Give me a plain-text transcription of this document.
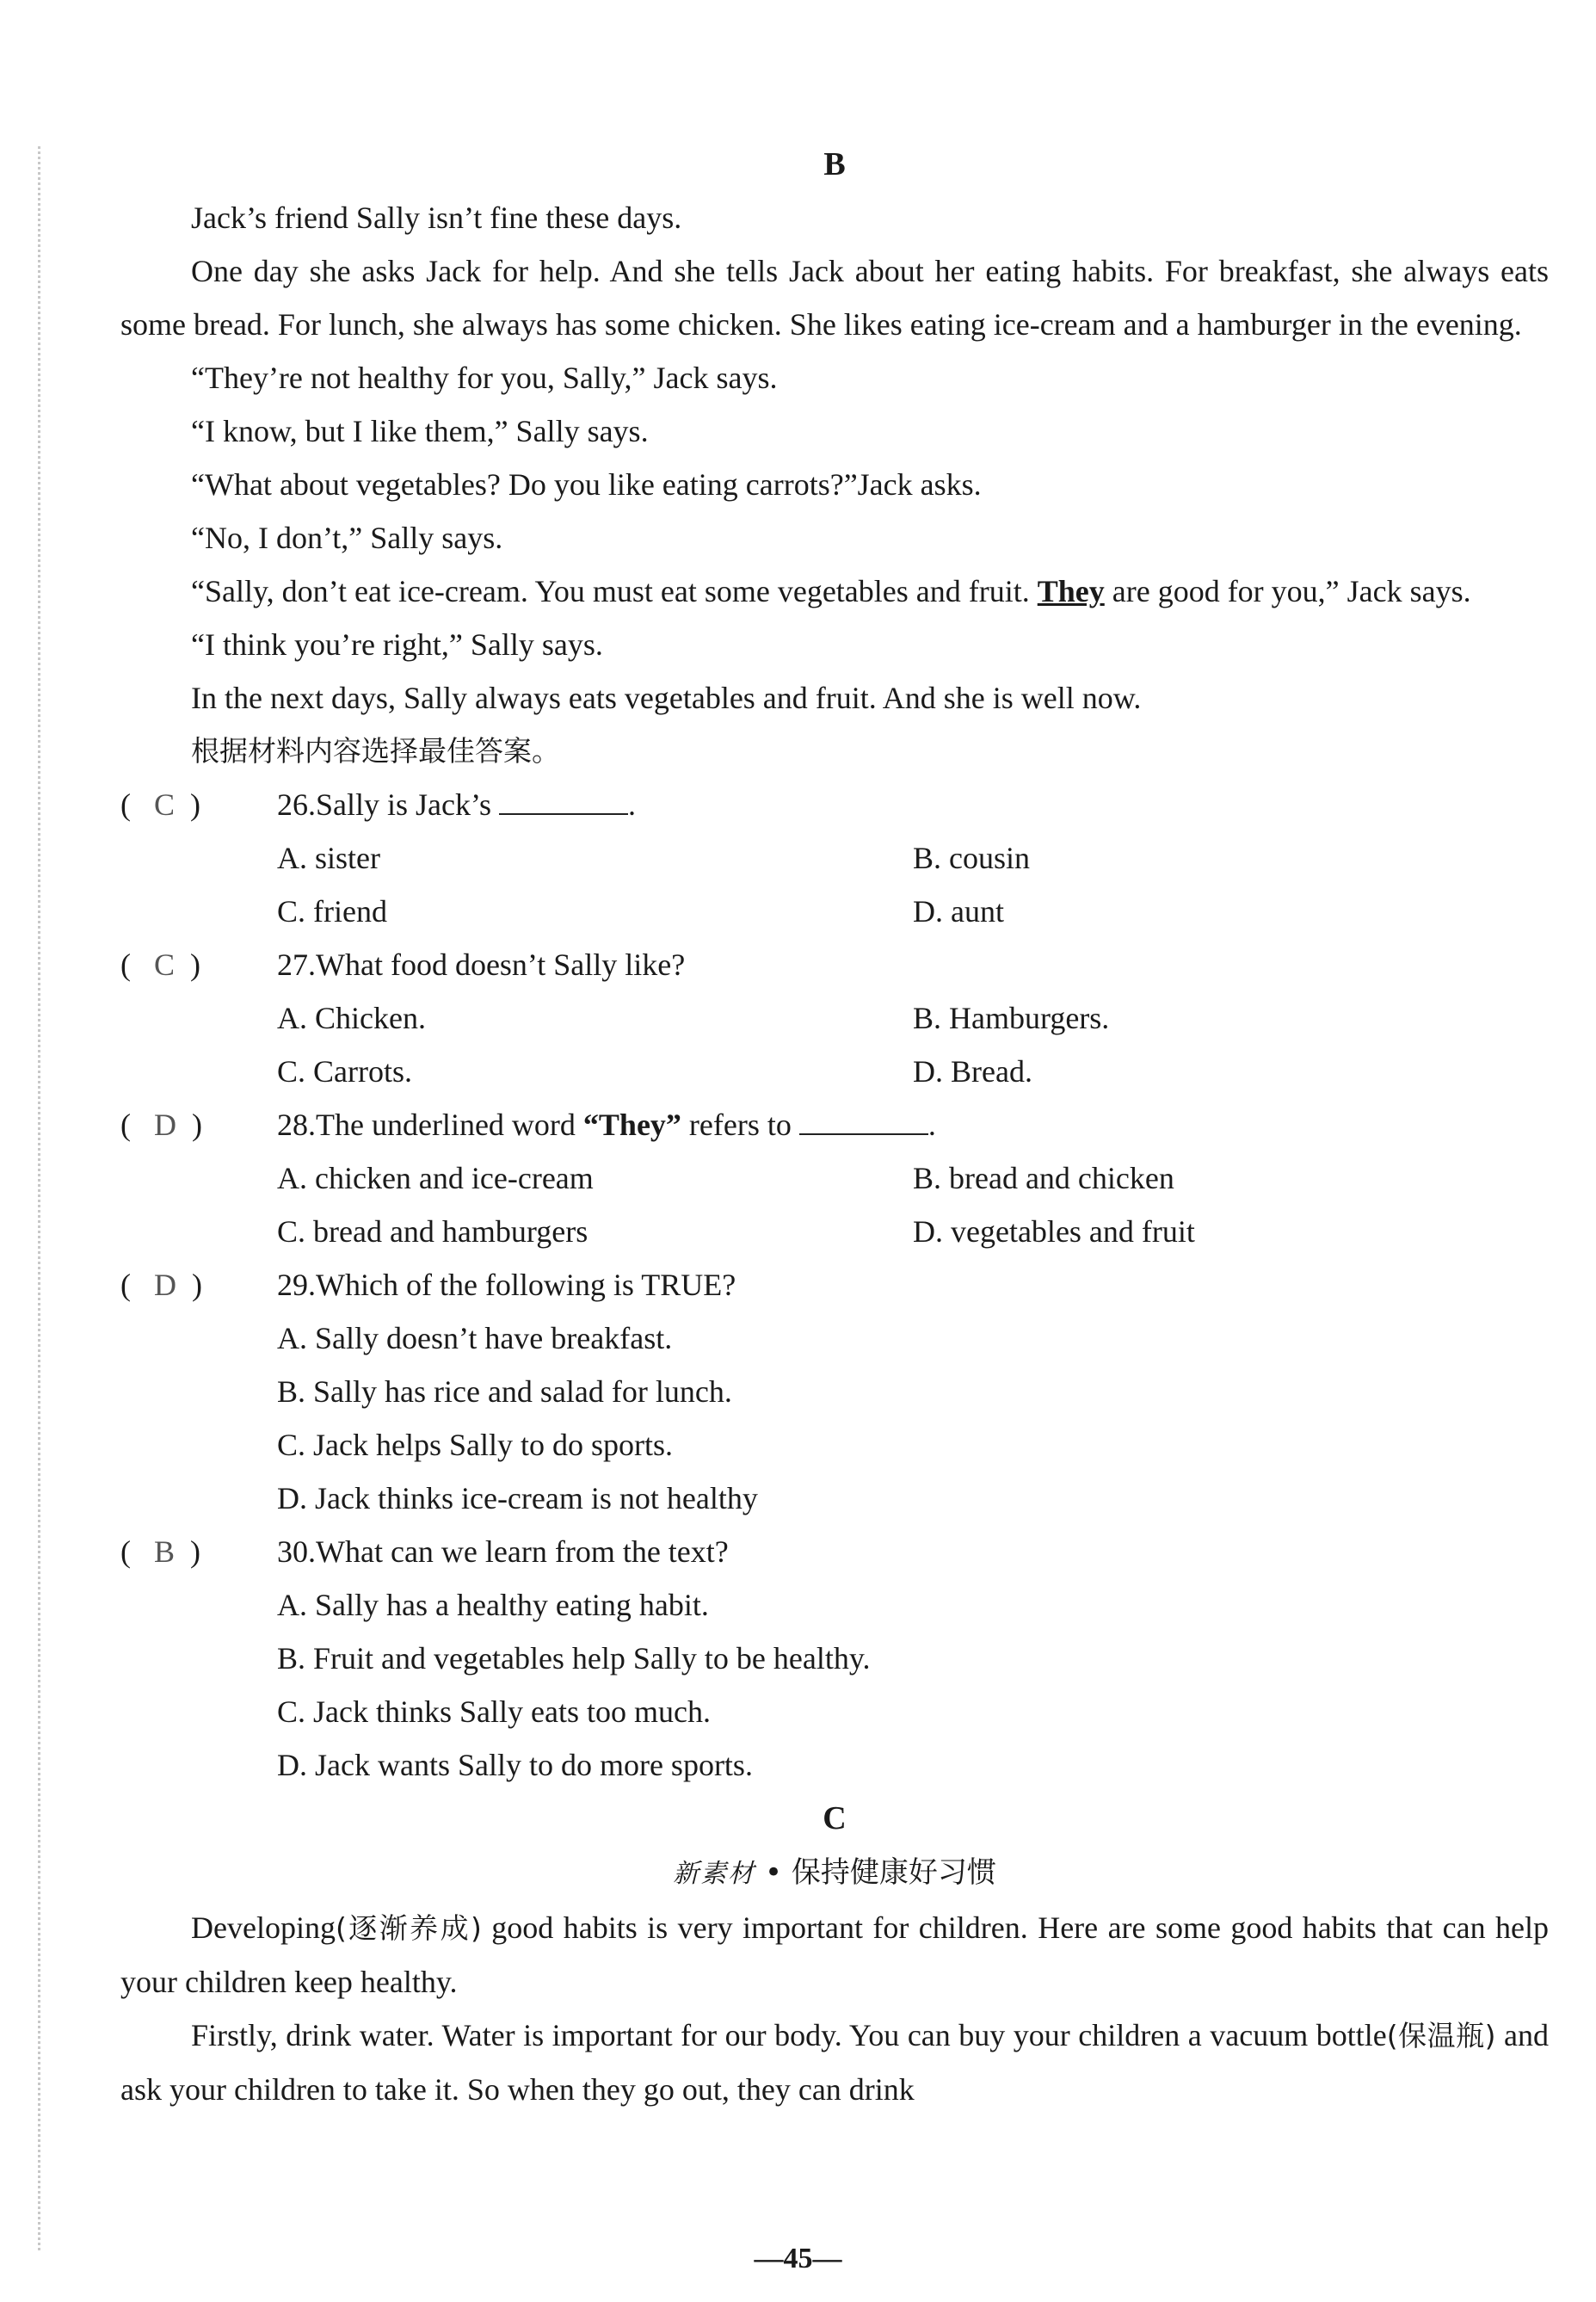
B

Jack’s friend Sally isn’t fine these days.

One day she asks Jack for help. And she tells Jack about her eating habits. For breakfast, she always eats some bread. For lunch, she always has some chicken. She likes eating ice-cream and a hamburger in the evening.

“They’re not healthy for you, Sally,” Jack says.

“I know, but I like them,” Sally says.

“What about vegetables? Do you like eating carrots?”Jack asks.

“No, I don’t,” Sally says.

“Sally, don’t eat ice-cream. You must eat some vegetables and fruit. They are good for you,” Jack says.

“I think you’re right,” Sally says.

In the next days, Sally always eats vegetables and fruit. And she is well now.

根据材料内容选择最佳答案。

(   C  )	26.Sally is Jack’s	.
A. sister	B. cousin
C. friend	D. aunt
(   C  )	27.What food doesn’t Sally like?
A. Chicken.	B. Hamburgers.
C. Carrots.	D. Bread.
(   D  )	28.The underlined word “They” refers to	.
A. chicken and ice-cream	B. bread and chicken
C. bread and hamburgers	D. vegetables and fruit
(   D  )	29.Which of the following is TRUE?
A. Sally doesn’t have breakfast.
B. Sally has rice and salad for lunch.
C. Jack helps Sally to do sports.
D. Jack thinks ice-cream is not healthy
(   B  )	30.What can we learn from the text?
A. Sally has a healthy eating habit.
B. Fruit and vegetables help Sally to be healthy.
C. Jack thinks Sally eats too much.
D. Jack wants Sally to do more sports.
C
新素材 • 保持健康好习惯

Developing(逐渐养成) good habits is very important for children. Here are some good habits that can help your children keep healthy.

Firstly, drink water. Water is important for our body. You can buy your children a vacuum bottle(保温瓶) and ask your children to take it. So when they go out, they can drink

—45—
